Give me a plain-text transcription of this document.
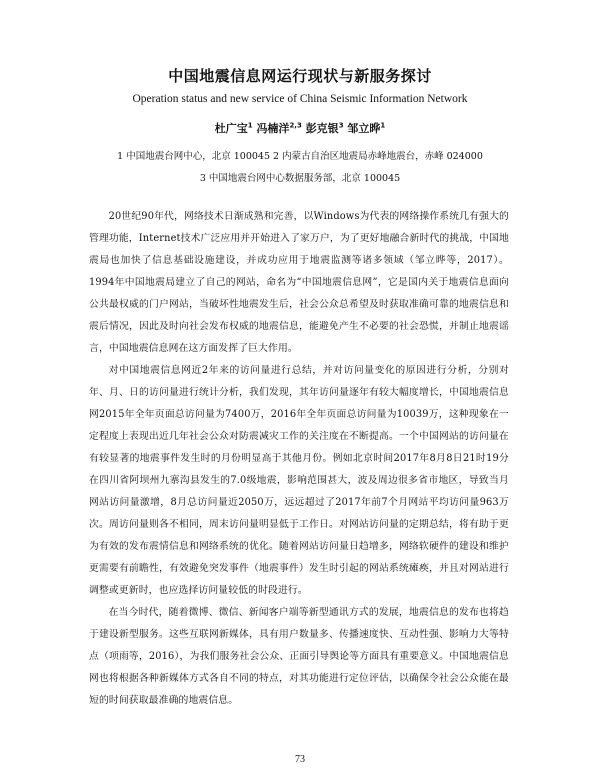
中国地震信息网运行现状与新服务探讨
Operation status and new service of China Seismic Information Network
杜广宝$^1$ 冯楠洋$^{2,3}$ 彭克银$^3$ 邹立晔$^1$
1 中国地震台网中心，北京 100045 2 内蒙古自治区地震局赤峰地震台，赤峰 024000
3 中国地震台网中心数据服务部，北京 100045

20世纪90年代，网络技术日渐成熟和完善，以Windows为代表的网络操作系统几有强大的管理功能，Internet技术广泛应用并开始进入了家万户，为了更好地融合新时代的挑战，中国地震局也加快了信息基础设施建设，并成功应用于地震监测等诸多领域（邹立晔等，2017）。1994年中国地震局建立了自己的网站，命名为“中国地震信息网”，它是国内关于地震信息面向公共最权威的门户网站，当破坏性地震发生后，社会公众总希望及时获取准确可靠的地震信息和震后情况，因此及时向社会发布权威的地震信息，能避免产生不必要的社会恐慌，并制止地震谣言，中国地震信息网在这方面发挥了巨大作用。

对中国地震信息网近2年来的访问量进行总结，并对访问量变化的原因进行分析，分别对年、月、日的访问量进行统计分析，我们发现，其年访问量逐年有较大幅度增长，中国地震信息网2015年全年页面总访问量为7400万，2016年全年页面总访问量为10039万，这种现象在一定程度上表现出近几年社会公众对防震减灾工作的关注度在不断提高。一个中国网站的访问量在有较显著的地震事件发生时的月份明显高于其他月份。例如北京时间2017年8月8日21时19分在四川省阿坝州九寨沟县发生的7.0级地震，影响范围甚大，波及周边很多省市地区，导致当月网站访问量激增，8月总访问量近2050万，远远超过了2017年前7个月网站平均访问量963万次。周访问量则各不相同，周末访问量明显低于工作日。对网站访问量的定期总结，将有助于更为有效的发布震情信息和网络系统的优化。随着网站访问量日趋增多，网络软硬件的建设和维护更需要有前瞻性，有效避免突发事件（地震事件）发生时引起的网站系统瘫痪，并且对网站进行调整或更新时，也应选择访问量较低的时段进行。

在当今时代，随着微博、微信、新闻客户端等新型通讯方式的发展，地震信息的发布也将趋于建设新型服务。这些互联网新媒体，具有用户数量多、传播速度快、互动性强、影响力大等特点（项雨等，2016），为我们服务社会公众、正面引导舆论等方面具有重要意义。中国地震信息网也将根据各种新媒体方式各自不同的特点，对其功能进行定位评估，以确保令社会公众能在最短的时间获取最准确的地震信息。

73
